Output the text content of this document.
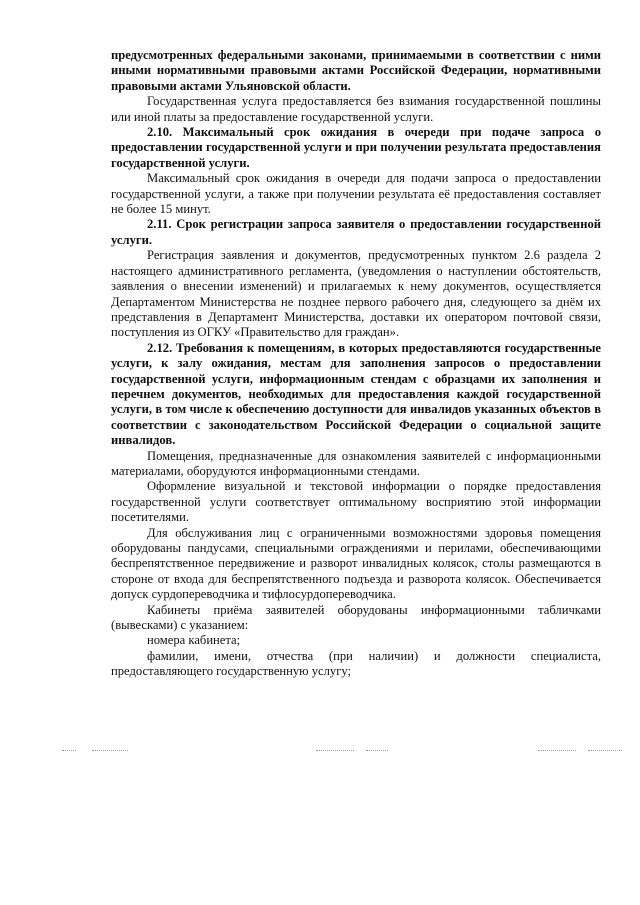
предусмотренных федеральными законами, принимаемыми в соответствии с ними иными нормативными правовыми актами Российской Федерации, нормативными правовыми актами Ульяновской области.

Государственная услуга предоставляется без взимания государственной пошлины или иной платы за предоставление государственной услуги.

2.10. Максимальный срок ожидания в очереди при подаче запроса о предоставлении государственной услуги и при получении результата предоставления государственной услуги.

Максимальный срок ожидания в очереди для подачи запроса о предоставлении государственной услуги, а также при получении результата её предоставления составляет не более 15 минут.

2.11. Срок регистрации запроса заявителя о предоставлении государственной услуги.

Регистрация заявления и документов, предусмотренных пунктом 2.6 раздела 2 настоящего административного регламента, (уведомления о наступлении обстоятельств, заявления о внесении изменений) и прилагаемых к нему документов, осуществляется Департаментом Министерства не позднее первого рабочего дня, следующего за днём их представления в Департамент Министерства, доставки их оператором почтовой связи, поступления из ОГКУ «Правительство для граждан».

2.12. Требования к помещениям, в которых предоставляются государственные услуги, к залу ожидания, местам для заполнения запросов о предоставлении государственной услуги, информационным стендам с образцами их заполнения и перечнем документов, необходимых для предоставления каждой государственной услуги, в том числе к обеспечению доступности для инвалидов указанных объектов в соответствии с законодательством Российской Федерации о социальной защите инвалидов.

Помещения, предназначенные для ознакомления заявителей с информационными материалами, оборудуются информационными стендами.

Оформление визуальной и текстовой информации о порядке предоставления государственной услуги соответствует оптимальному восприятию этой информации посетителями.

Для обслуживания лиц с ограниченными возможностями здоровья помещения оборудованы пандусами, специальными ограждениями и перилами, обеспечивающими беспрепятственное передвижение и разворот инвалидных колясок, столы размещаются в стороне от входа для беспрепятственного подъезда и разворота колясок. Обеспечивается допуск сурдопереводчика и тифлосурдопереводчика.

Кабинеты приёма заявителей оборудованы информационными табличками (вывесками) с указанием:

номера кабинета;

фамилии, имени, отчества (при наличии) и должности специалиста, предоставляющего государственную услугу;
